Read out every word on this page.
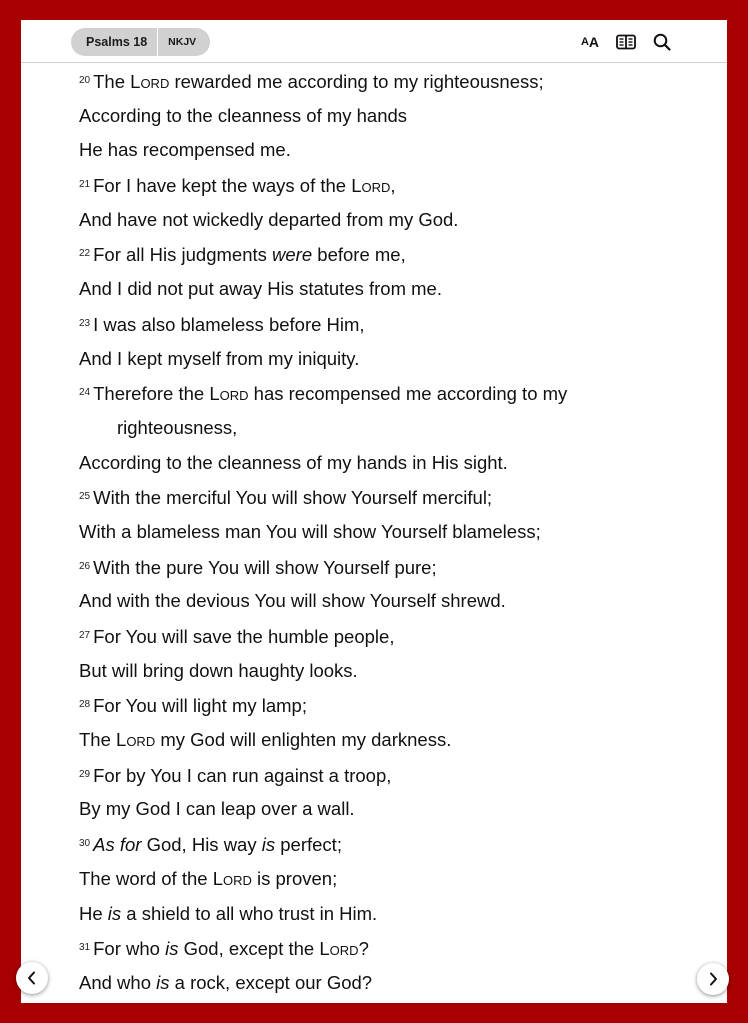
Psalms 18	NKJV	A A
$^{20}$ The Lord rewarded me according to my righteousness;
According to the cleanness of my hands
He has recompensed me.
$^{21}$ For I have kept the ways of the Lord,
And have not wickedly departed from my God.
$^{22}$ For all His judgments were before me,
And I did not put away His statutes from me.
$^{23}$ I was also blameless before Him,
And I kept myself from my iniquity.
$^{24}$ Therefore the Lord has recompensed me according to my
righteousness,
According to the cleanness of my hands in His sight.
$^{25}$ With the merciful You will show Yourself merciful;
With a blameless man You will show Yourself blameless;
$^{26}$ With the pure You will show Yourself pure;
And with the devious You will show Yourself shrewd.
$^{27}$ For You will save the humble people,
But will bring down haughty looks.
$^{28}$ For You will light my lamp;
The Lord my God will enlighten my darkness.
$^{29}$ For by You I can run against a troop,
By my God I can leap over a wall.
$^{30}$ As for God, His way is perfect;
The word of the Lord is proven;
He is a shield to all who trust in Him.
$^{31}$ For who is God, except the Lord?
And who is a rock, except our God?
